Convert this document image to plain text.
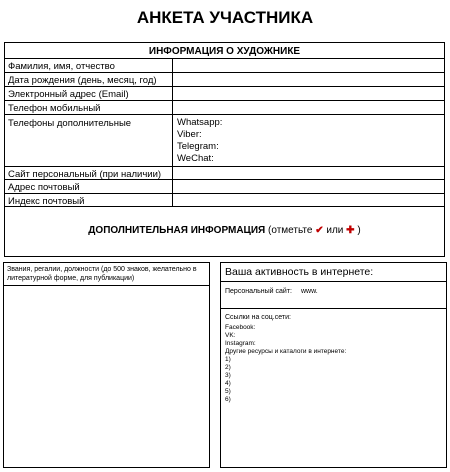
АНКЕТА УЧАСТНИКА
ИНФОРМАЦИЯ О ХУДОЖНИКЕ
Фамилия, имя, отчество
Дата рождения (день, месяц, год)
Электронный адрес (Email)
Телефон мобильный
Телефоны дополнительные
Сайт персональный (при наличии)
Адрес почтовый
Индекс почтовый
Whatsapp:
Viber:
Telegram:
WeChat:
ДОПОЛНИТЕЛЬНАЯ ИНФОРМАЦИЯ (отметьте ✔ или ✚ )
Звания, регалии, должности (до 500 знаков, желательно в литературной форме, для публикации)
Ваша активность в интернете:
Персональный сайт: www.
Ссылки на соц.сети:
Facebook:
VK:
Instagram:
Другие ресурсы и каталоги в интернете:
1)
2)
3)
4)
5)
6)
